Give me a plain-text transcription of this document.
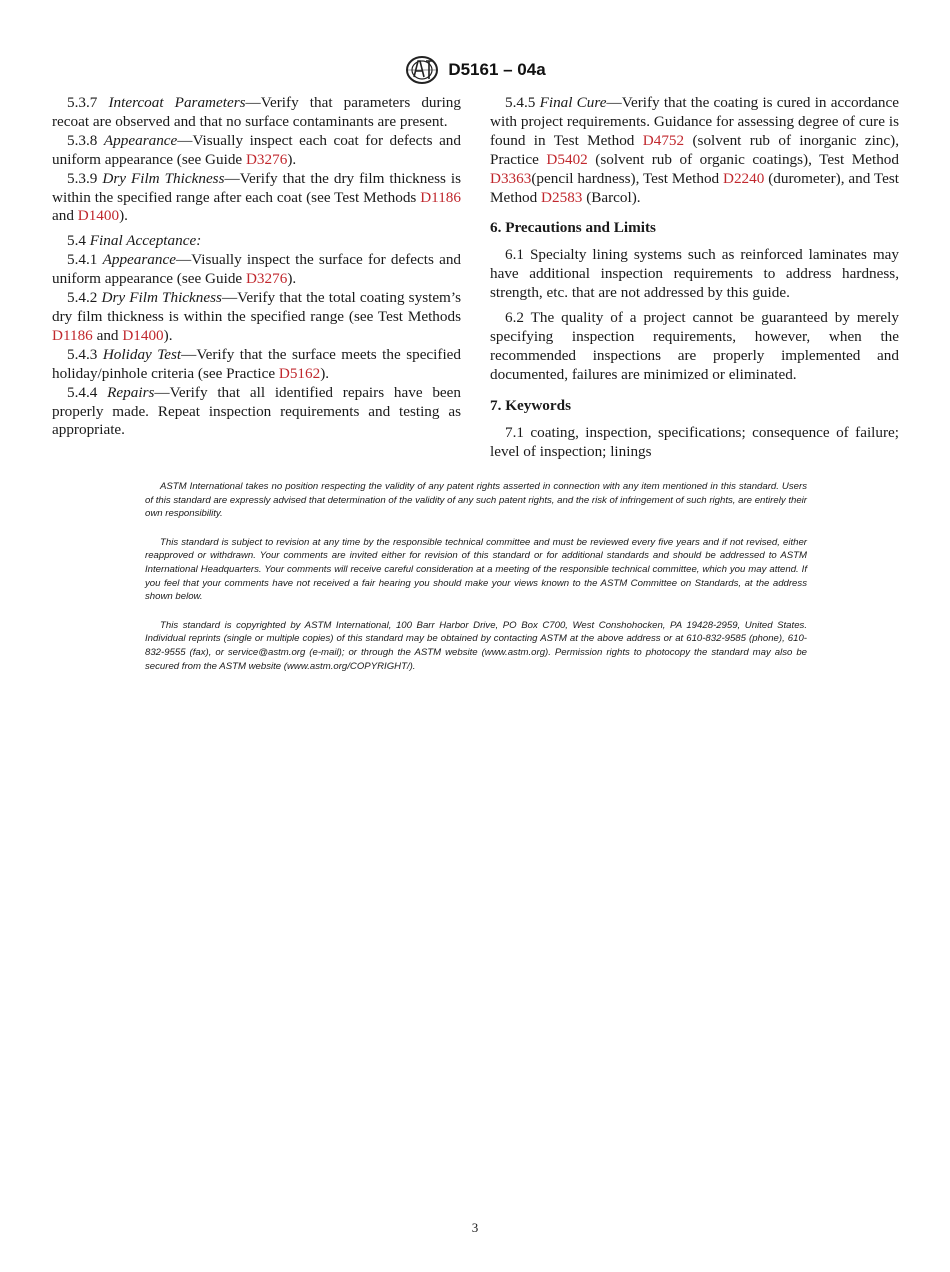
D5161 – 04a

5.3.7 Intercoat Parameters—Verify that parameters during recoat are observed and that no surface contaminants are present.

5.3.8 Appearance—Visually inspect each coat for defects and uniform appearance (see Guide D3276).

5.3.9 Dry Film Thickness—Verify that the dry film thickness is within the specified range after each coat (see Test Methods D1186 and D1400).

5.4 Final Acceptance:

5.4.1 Appearance—Visually inspect the surface for defects and uniform appearance (see Guide D3276).

5.4.2 Dry Film Thickness—Verify that the total coating system’s dry film thickness is within the specified range (see Test Methods D1186 and D1400).

5.4.3 Holiday Test—Verify that the surface meets the specified holiday/pinhole criteria (see Practice D5162).

5.4.4 Repairs—Verify that all identified repairs have been properly made. Repeat inspection requirements and testing as appropriate.

5.4.5 Final Cure—Verify that the coating is cured in accordance with project requirements. Guidance for assessing degree of cure is found in Test Method D4752 (solvent rub of inorganic zinc), Practice D5402 (solvent rub of organic coatings), Test Method D3363(pencil hardness), Test Method D2240 (durometer), and Test Method D2583 (Barcol).

6. Precautions and Limits

6.1 Specialty lining systems such as reinforced laminates may have additional inspection requirements to address hardness, strength, etc. that are not addressed by this guide.

6.2 The quality of a project cannot be guaranteed by merely specifying inspection requirements, however, when the recommended inspections are properly implemented and documented, failures are minimized or eliminated.

7. Keywords

7.1 coating, inspection, specifications; consequence of failure; level of inspection; linings

ASTM International takes no position respecting the validity of any patent rights asserted in connection with any item mentioned in this standard. Users of this standard are expressly advised that determination of the validity of any such patent rights, and the risk of infringement of such rights, are entirely their own responsibility.

This standard is subject to revision at any time by the responsible technical committee and must be reviewed every five years and if not revised, either reapproved or withdrawn. Your comments are invited either for revision of this standard or for additional standards and should be addressed to ASTM International Headquarters. Your comments will receive careful consideration at a meeting of the responsible technical committee, which you may attend. If you feel that your comments have not received a fair hearing you should make your views known to the ASTM Committee on Standards, at the address shown below.

This standard is copyrighted by ASTM International, 100 Barr Harbor Drive, PO Box C700, West Conshohocken, PA 19428-2959, United States. Individual reprints (single or multiple copies) of this standard may be obtained by contacting ASTM at the above address or at 610-832-9585 (phone), 610-832-9555 (fax), or service@astm.org (e-mail); or through the ASTM website (www.astm.org). Permission rights to photocopy the standard may also be secured from the ASTM website (www.astm.org/COPYRIGHT/).

3
